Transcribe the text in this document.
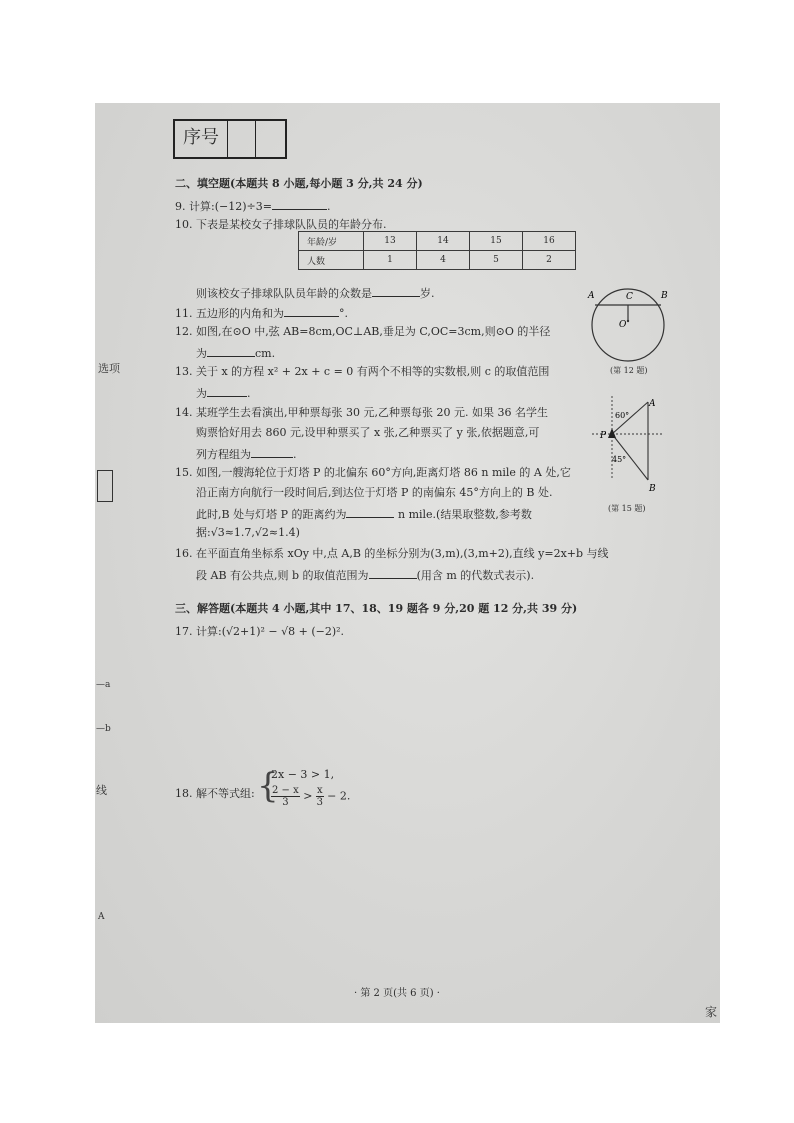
序号
选项
—a
—b
线
A
二、填空题(本题共 8 小题,每小题 3 分,共 24 分)
9. 计算:(−12)÷3=	.
10. 下表是某校女子排球队队员的年龄分布.
年龄/岁	13	14	15	16
人数	1	4	5	2
则该校女子排球队队员年龄的众数是	岁.
11. 五边形的内角和为	°.
12. 如图,在⊙O 中,弦 AB=8cm,OC⊥AB,垂足为 C,OC=3cm,则⊙O 的半径
为	cm.
13. 关于 x 的方程 x² + 2x + c = 0 有两个不相等的实数根,则 c 的取值范围
为	.
14. 某班学生去看演出,甲种票每张 30 元,乙种票每张 20 元. 如果 36 名学生
购票恰好用去 860 元,设甲种票买了 x 张,乙种票买了 y 张,依据题意,可
列方程组为	.
15. 如图,一艘海轮位于灯塔 P 的北偏东 60°方向,距离灯塔 86 n mile 的 A 处,它
沿正南方向航行一段时间后,到达位于灯塔 P 的南偏东 45°方向上的 B 处.
此时,B 处与灯塔 P 的距离约为	n mile.(结果取整数,参考数
据:√3≈1.7,√2≈1.4)
16. 在平面直角坐标系 xOy 中,点 A,B 的坐标分别为(3,m),(3,m+2),直线 y=2x+b 与线
段 AB 有公共点,则 b 的取值范围为	(用含 m 的代数式表示).
A	C	B
O
(第 12 题)
60°
45°
P
A
B
(第 15 题)
三、解答题(本题共 4 小题,其中 17、18、19 题各 9 分,20 题 12 分,共 39 分)
17. 计算:(√2+1)² − √8 + (−2)².
18. 解不等式组: {
2x − 3 > 1,
$\frac{2 - x}{3} > \frac{x}{3} - 2$.
· 第 2 页(共 6 页) ·
家
